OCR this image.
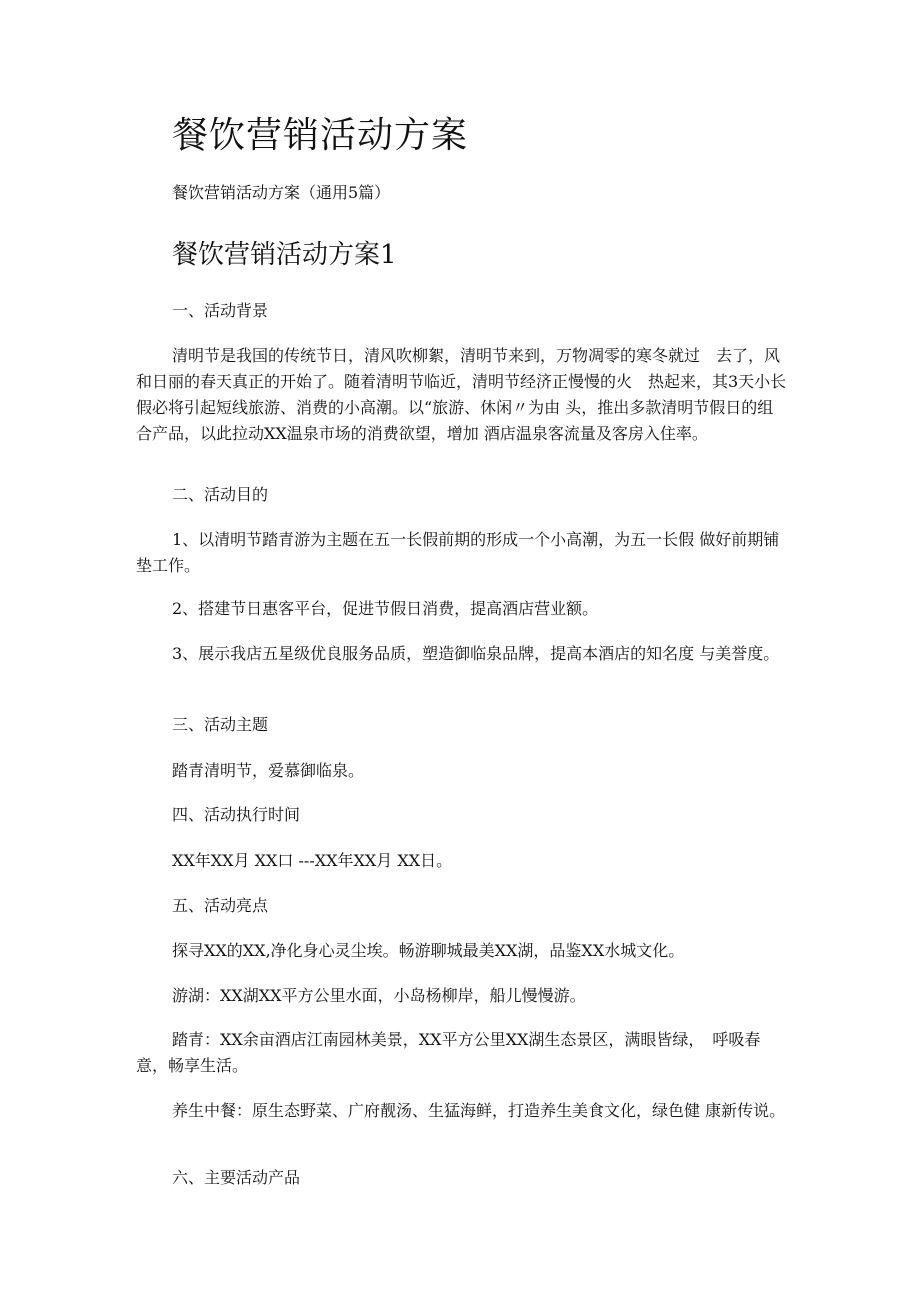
餐饮营销活动方案
餐饮营销活动方案（通用5篇）
餐饮营销活动方案1
一、活动背景
清明节是我国的传统节日，清风吹柳絮，清明节来到，万物凋零的寒冬就过　去了，风和日丽的春天真正的开始了。随着清明节临近，清明节经济正慢慢的火　热起来，其3天小长假必将引起短线旅游、消费的小高潮。以“旅游、休闲〃为由 头，推出多款清明节假日的组合产品，以此拉动XX温泉市场的消费欲望，增加 酒店温泉客流量及客房入住率。
二、活动目的
1、以清明节踏青游为主题在五一长假前期的形成一个小高潮，为五一长假 做好前期铺垫工作。
2、搭建节日惠客平台，促进节假日消费，提高酒店营业额。
3、展示我店五星级优良服务品质，塑造御临泉品牌，提高本酒店的知名度 与美誉度。
三、活动主题
踏青清明节，爱慕御临泉。
四、活动执行时间
XX年XX月 XX口 ---XX年XX月 XX日。
五、活动亮点
探寻XX的XX,净化身心灵尘埃。畅游聊城最美XX湖，品鉴XX水城文化。
游湖：XX湖XX平方公里水面，小岛杨柳岸，船儿慢慢游。
踏青：XX余亩酒店江南园林美景，XX平方公里XX湖生态景区，满眼皆绿，　呼吸春意，畅享生活。
养生中餐：原生态野菜、广府靓汤、生猛海鲜，打造养生美食文化，绿色健 康新传说。
六、主要活动产品
